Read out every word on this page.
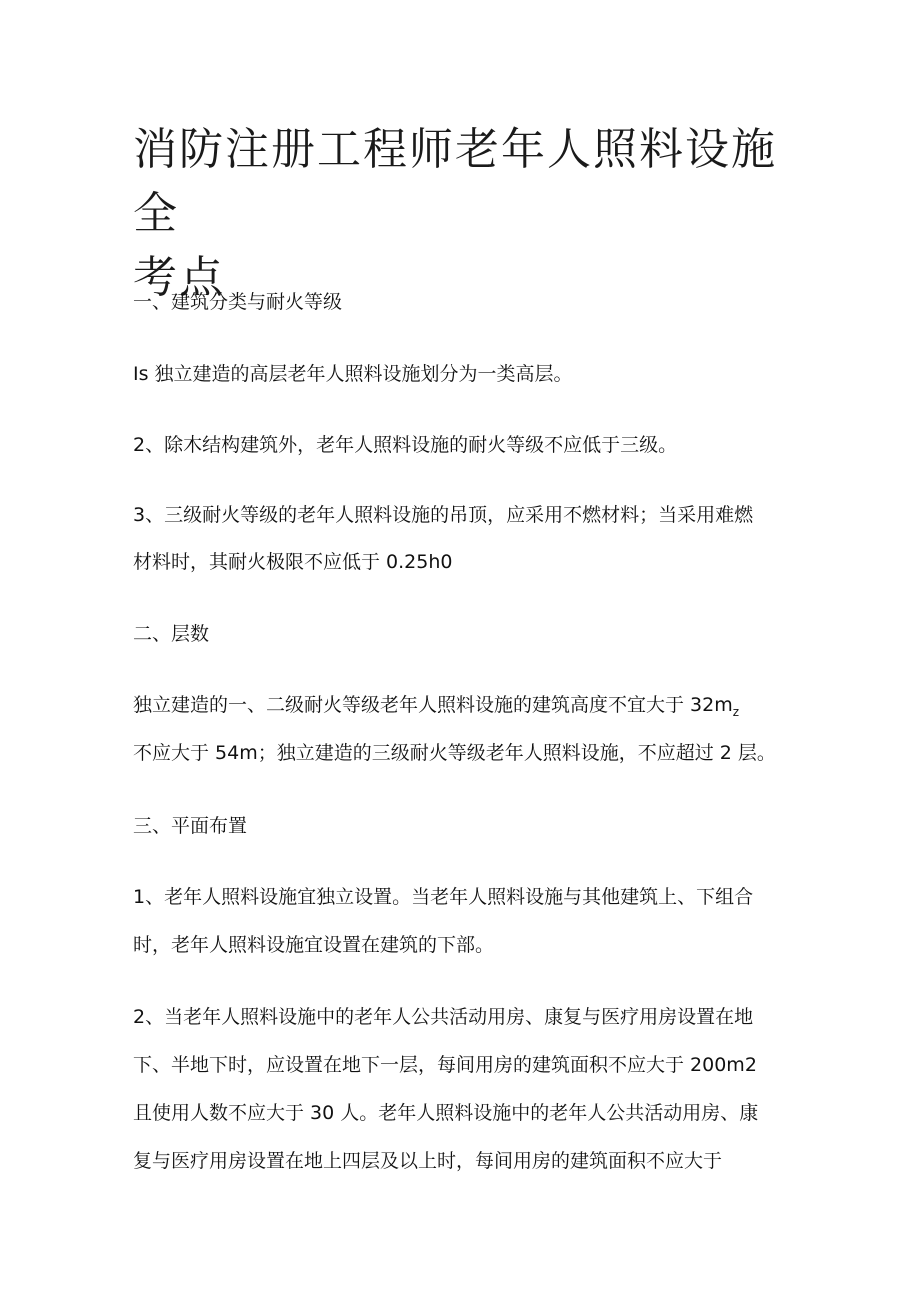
消防注册工程师老年人照料设施全
考点

一、建筑分类与耐火等级

Is 独立建造的高层老年人照料设施划分为一类高层。

2、除木结构建筑外，老年人照料设施的耐火等级不应低于三级。

3、三级耐火等级的老年人照料设施的吊顶，应采用不燃材料；当采用难燃

材料时，其耐火极限不应低于 0.25h0

二、层数

独立建造的一、二级耐火等级老年人照料设施的建筑高度不宜大于 $32m_z$

不应大于 54m；独立建造的三级耐火等级老年人照料设施，不应超过 2 层。

三、平面布置

1、老年人照料设施宜独立设置。当老年人照料设施与其他建筑上、下组合

时，老年人照料设施宜设置在建筑的下部。

2、当老年人照料设施中的老年人公共活动用房、康复与医疗用房设置在地

下、半地下时，应设置在地下一层，每间用房的建筑面积不应大于 200m2

且使用人数不应大于 30 人。老年人照料设施中的老年人公共活动用房、康

复与医疗用房设置在地上四层及以上时，每间用房的建筑面积不应大于
